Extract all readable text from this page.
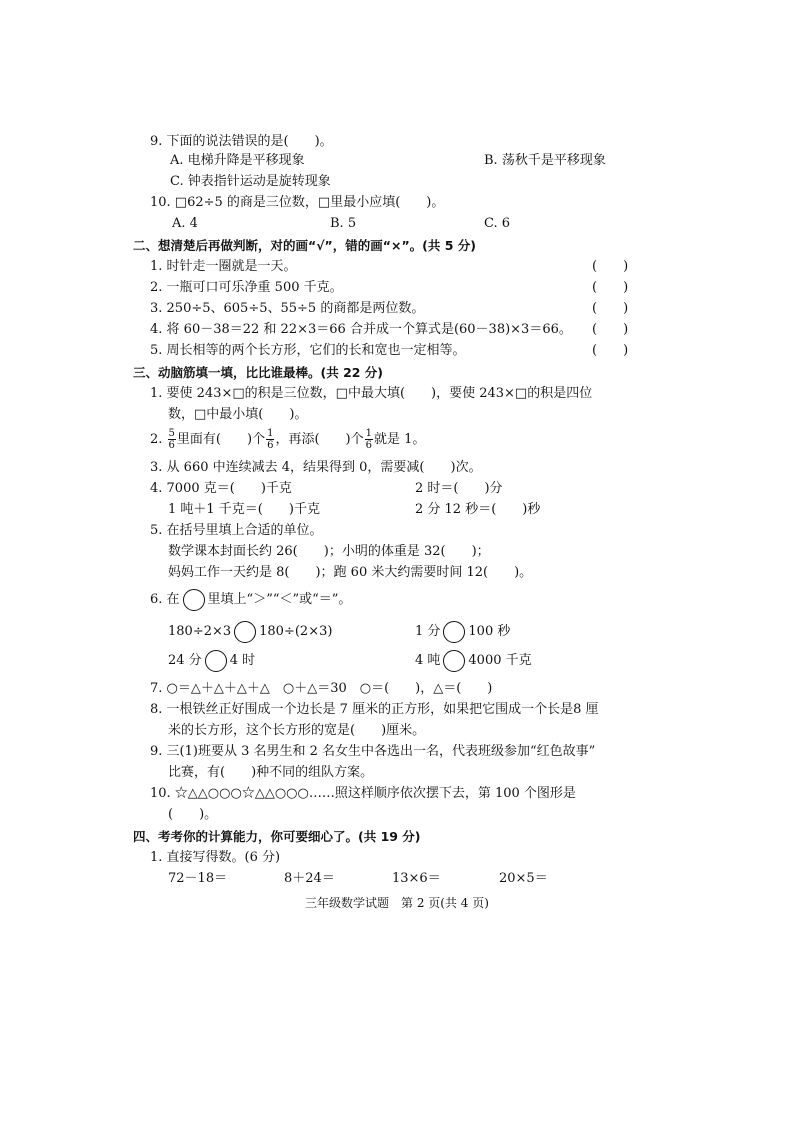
9. 下面的说法错误的是(　　)。
A. 电梯升降是平移现象	B. 荡秋千是平移现象
C. 钟表指针运动是旋转现象
10. □62÷5 的商是三位数，□里最小应填(　　)。
A. 4	B. 5	C. 6
二、想清楚后再做判断，对的画“√”，错的画“×”。(共 5 分)
1. 时针走一圈就是一天。	(　　)
2. 一瓶可口可乐净重 500 千克。	(　　)
3. 250÷5、605÷5、55÷5 的商都是两位数。	(　　)
4. 将 60－38＝22 和 22×3＝66 合并成一个算式是(60－38)×3＝66。 (　　)
5. 周长相等的两个长方形，它们的长和宽也一定相等。	(　　)
三、动脑筋填一填，比比谁最棒。(共 22 分)
1. 要使 243×□的积是三位数，□中最大填(　　)，要使 243×□的积是四位
数，□中最小填(　　)。
2. $\frac{5}{6}$ 里面有(　　)个 $\frac{1}{6}$ ，再添(　　)个 $\frac{1}{6}$ 就是 1。
3. 从 660 中连续减去 4，结果得到 0，需要减(　　)次。
4. 7000 克＝(　　)千克	2 时＝(　　)分
1 吨＋1 千克＝(　　)千克	2 分 12 秒＝(　　)秒
5. 在括号里填上合适的单位。
数学课本封面长约 26(　　)；小明的体重是 32(　　)；
妈妈工作一天约是 8(　　)；跑 60 米大约需要时间 12(　　)。
6. 在 里填上“＞”“＜”或“＝”。
180÷2×3 180÷(2×3)	1 分 100 秒
24 分 4 时	4 吨 4000 千克
7. ○＝△＋△＋△＋△　○＋△＝30　○＝(　　)，△＝(　　)
8. 一根铁丝正好围成一个边长是 7 厘米的正方形，如果把它围成一个长是8 厘
米的长方形，这个长方形的宽是(　　)厘米。
9. 三(1)班要从 3 名男生和 2 名女生中各选出一名，代表班级参加“红色故事”
比赛，有(　　)种不同的组队方案。
10. ☆△△○○○☆△△○○○……照这样顺序依次摆下去，第 100 个图形是
(　　)。
四、考考你的计算能力，你可要细心了。(共 19 分)
1. 直接写得数。(6 分)
72－18＝	8＋24＝	13×6＝	20×5＝
三年级数学试题　第 2 页(共 4 页)
